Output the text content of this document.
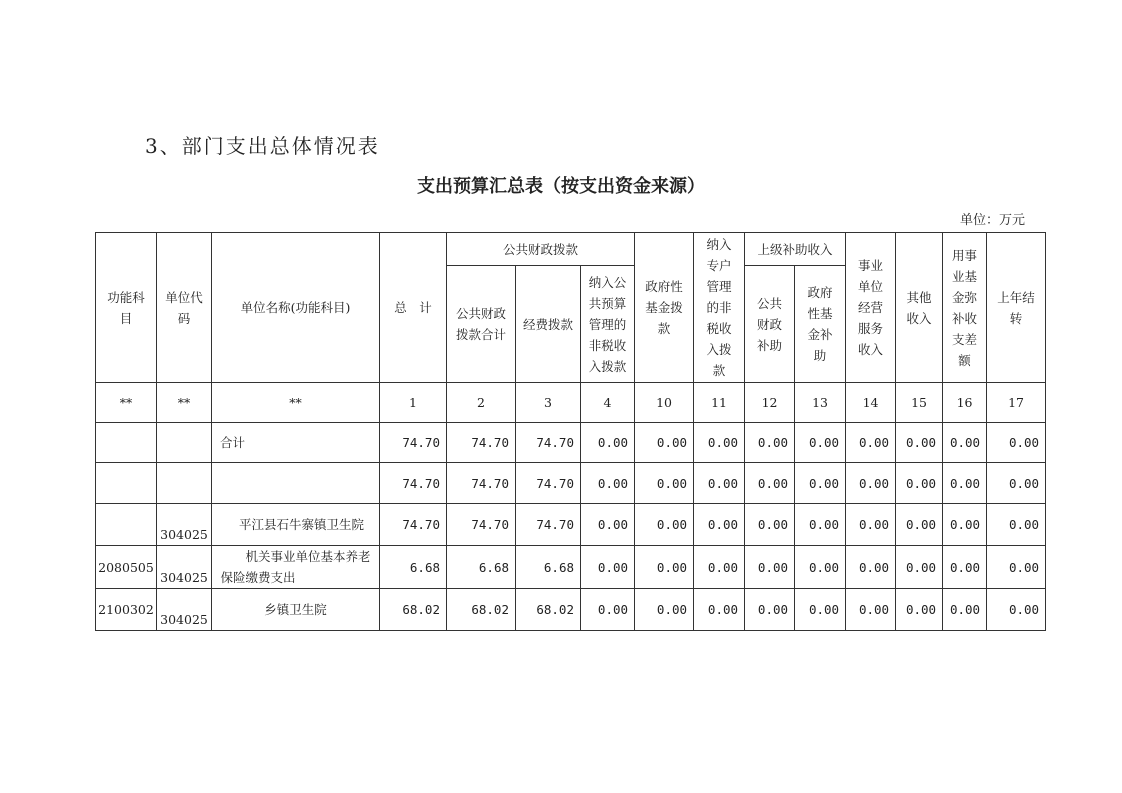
3、部门支出总体情况表
支出预算汇总表（按支出资金来源）
单位：万元
功能科目	单位代码	单位名称(功能科目)	总　计	公共财政拨款			政府性基金拨款	纳入专户管理的非税收入拨款	上级补助收入		事业单位经营服务收入	其他收入	用事业基金弥补收支差额	上年结转

				公共财政拨款合计	经费拨款	纳入公共预算管理的非税收入拨款			公共财政补助	政府性基金补助				

**	**	**	1	2	3	4	10	11	12	13	14	15	16	17
		合计	74.70	74.70	74.70	0.00	0.00	0.00	0.00	0.00	0.00	0.00	0.00	0.00
			74.70	74.70	74.70	0.00	0.00	0.00	0.00	0.00	0.00	0.00	0.00	0.00
	304025	平江县石牛寨镇卫生院	74.70	74.70	74.70	0.00	0.00	0.00	0.00	0.00	0.00	0.00	0.00	0.00
2080505	304025	机关事业单位基本养老保险缴费支出	6.68	6.68	6.68	0.00	0.00	0.00	0.00	0.00	0.00	0.00	0.00	0.00
2100302	304025	乡镇卫生院	68.02	68.02	68.02	0.00	0.00	0.00	0.00	0.00	0.00	0.00	0.00	0.00
